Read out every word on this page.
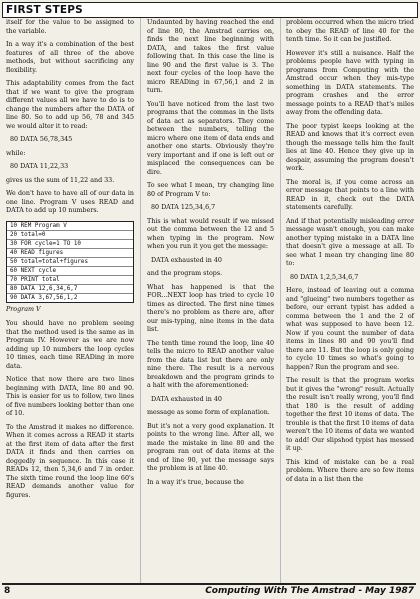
FIRST STEPS

itself for the value to be assigned to the variable.

In a way it's a combination of the best features of all three of the above methods, but without sacrificing any flexibility.

This adaptability comes from the fact that if we want to give the program different values all we have to do is to change the numbers after the DATA of line 80. So to add up 56, 78 and 345 we would alter it to read:

80 DATA 56,78,345

while:

80 DATA 11,22,33

gives us the sum of 11,22 and 33.

We don't have to have all of our data in one line. Program V uses READ and DATA to add up 10 numbers.

10 REM Program V
20 total=0
30 FOR cycle=1 TO 10
40 READ figures
50 total=total+figures
60 NEXT cycle
70 PRINT total
80 DATA 12,6,34,6,7
90 DATA 3,67,56,1,2
Program V

You should have no problem seeing that the method used is the same as in Program IV. However as we are now adding up 10 numbers the loop cycles 10 times, each time READing in more data.

Notice that now there are two lines beginning with DATA, line 80 and 90. This is easier for us to follow, two lines of five numbers looking better than one of 10.

To the Amstrad it makes no difference. When it comes across a READ it starts at the first item of data after the first DATA it finds and then carries on doggedly in sequence. In this case it READs 12, then 5,34,6 and 7 in order. The sixth time round the loop line 60's READ demands another value for figures.

Undaunted by having reached the end of line 80, the Amstrad carries on, finds the next line beginning with DATA, and takes the first value following that. In this case the line is line 90 and the first value is 3. The next four cycles of the loop have the micro READing in 67,56,1 and 2 in turn.

You'll have noticed from the last two programs that the commas in the lists of data act as separators. They come between the numbers, telling the micro where one item of data ends and another one starts. Obviously they're very important and if one is left out or misplaced the consequences can be dire.

To see what I mean, try changing line 80 of Program V to:

80 DATA 125,34,6,7

This is what would result if we missed out the comma between the 12 and 5 when typing in the program. Now when you run it you get the message:

DATA exhausted in 40

and the program stops.

What has happened is that the FOR...NEXT loop has tried to cycle 10 times as directed. The first nine times there's no problem as there are, after our mis-typing, nine items in the data list.

The tenth time round the loop, line 40 tells the micro to READ another value from the data list but there are only nine there. The result is a nervous breakdown and the program grinds to a halt with the aforementioned:

DATA exhausted in 40

message as some form of explanation.

But it's not a very good explanation. It points to the wrong line. After all, we made the mistake in line 80 and the program ran out of data items at the end of line 90, yet the message says the problem is at line 40.

In a way it's true, because the

problem occurred when the micro tried to obey the READ of line 40 for the tenth time. So it can be justified.

However it's still a nuisance. Half the problems people have with typing in programs from Computing with the Amstrad occur when they mis-type something in DATA statements. The program crashes and the error message points to a READ that's miles away from the offending data.

The poor typist keeps looking at the READ and knows that it's correct even though the message tells him the fault lies at line 40. Hence they give up in despair, assuming the program doesn't work.

The moral is, if you come across an error message that points to a line with READ in it, check out the DATA statements carefully.

And if that potentially misleading error message wasn't enough, you can make another typing mistake in a DATA line that doesn't give a message at all. To see what I mean try changing line 80 to:

80 DATA 1,2,5,34,6,7

Here, instead of leaving out a comma and "glueing" two numbers together as before, our errant typist has added a comma between the 1 and the 2 of what was supposed to have been 12. Now if you count the number of data items in lines 80 and 90 you'll find there are 11. But the loop is only going to cycle 10 times so what's going to happen? Run the program and see.

The result is that the program works but it gives the "wrong" result. Actually the result isn't really wrong, you'll find that 180 is the result of adding together the first 10 items of data. The trouble is that the first 10 items of data weren't the 10 items of data we wanted to add! Our slipshod typist has messed it up.

This kind of mistake can be a real problem. Where there are so few items of data in a list then the

8	Computing With The Amstrad - May 1987
